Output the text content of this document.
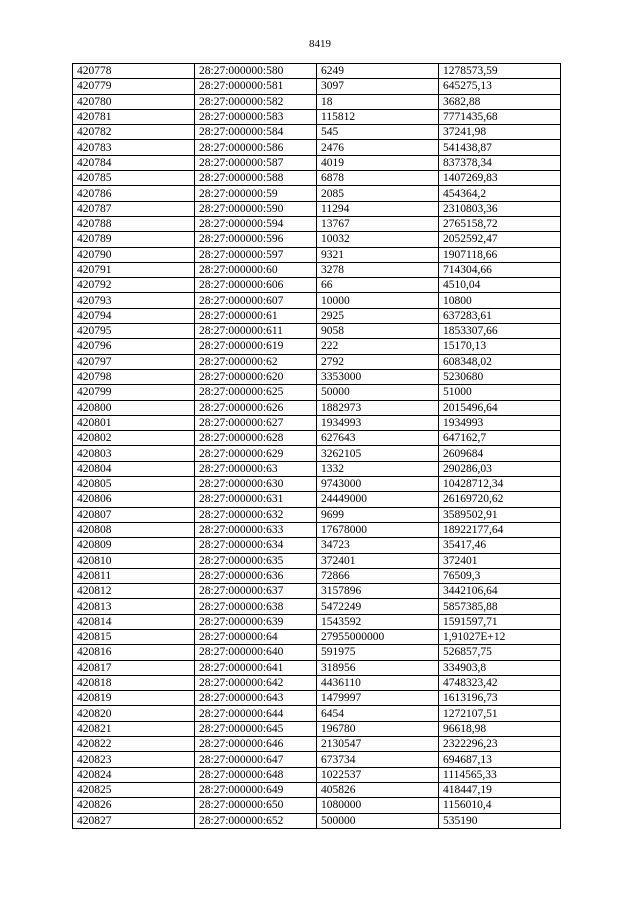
8419
420778	28:27:000000:580	6249	1278573,59
420779	28:27:000000:581	3097	645275,13
420780	28:27:000000:582	18	3682,88
420781	28:27:000000:583	115812	7771435,68
420782	28:27:000000:584	545	37241,98
420783	28:27:000000:586	2476	541438,87
420784	28:27:000000:587	4019	837378,34
420785	28:27:000000:588	6878	1407269,83
420786	28:27:000000:59	2085	454364,2
420787	28:27:000000:590	11294	2310803,36
420788	28:27:000000:594	13767	2765158,72
420789	28:27:000000:596	10032	2052592,47
420790	28:27:000000:597	9321	1907118,66
420791	28:27:000000:60	3278	714304,66
420792	28:27:000000:606	66	4510,04
420793	28:27:000000:607	10000	10800
420794	28:27:000000:61	2925	637283,61
420795	28:27:000000:611	9058	1853307,66
420796	28:27:000000:619	222	15170,13
420797	28:27:000000:62	2792	608348,02
420798	28:27:000000:620	3353000	5230680
420799	28:27:000000:625	50000	51000
420800	28:27:000000:626	1882973	2015496,64
420801	28:27:000000:627	1934993	1934993
420802	28:27:000000:628	627643	647162,7
420803	28:27:000000:629	3262105	2609684
420804	28:27:000000:63	1332	290286,03
420805	28:27:000000:630	9743000	10428712,34
420806	28:27:000000:631	24449000	26169720,62
420807	28:27:000000:632	9699	3589502,91
420808	28:27:000000:633	17678000	18922177,64
420809	28:27:000000:634	34723	35417,46
420810	28:27:000000:635	372401	372401
420811	28:27:000000:636	72866	76509,3
420812	28:27:000000:637	3157896	3442106,64
420813	28:27:000000:638	5472249	5857385,88
420814	28:27:000000:639	1543592	1591597,71
420815	28:27:000000:64	27955000000	1,91027E+12
420816	28:27:000000:640	591975	526857,75
420817	28:27:000000:641	318956	334903,8
420818	28:27:000000:642	4436110	4748323,42
420819	28:27:000000:643	1479997	1613196,73
420820	28:27:000000:644	6454	1272107,51
420821	28:27:000000:645	196780	96618,98
420822	28:27:000000:646	2130547	2322296,23
420823	28:27:000000:647	673734	694687,13
420824	28:27:000000:648	1022537	1114565,33
420825	28:27:000000:649	405826	418447,19
420826	28:27:000000:650	1080000	1156010,4
420827	28:27:000000:652	500000	535190
